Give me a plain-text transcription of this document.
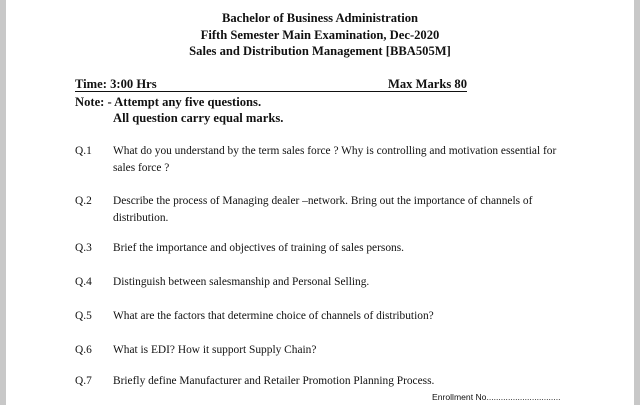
Bachelor of Business Administration
Fifth Semester Main Examination, Dec-2020
Sales and Distribution Management [BBA505M]
Time: 3:00 Hrs	Max Marks 80
Note: - Attempt any five questions.
All question carry equal marks.
Q.1 What do you understand by the term sales force ? Why is controlling and motivation essential for sales force ?
Q.2 Describe the process of Managing dealer –network. Bring out the importance of channels of distribution.
Q.3 Brief the importance and objectives of training of sales persons.
Q.4 Distinguish between salesmanship and Personal Selling.
Q.5 What are the factors that determine choice of channels of distribution?
Q.6 What is EDI? How it support Supply Chain?
Q.7 Briefly define Manufacturer and Retailer Promotion Planning Process.
Enrollment No...............................
